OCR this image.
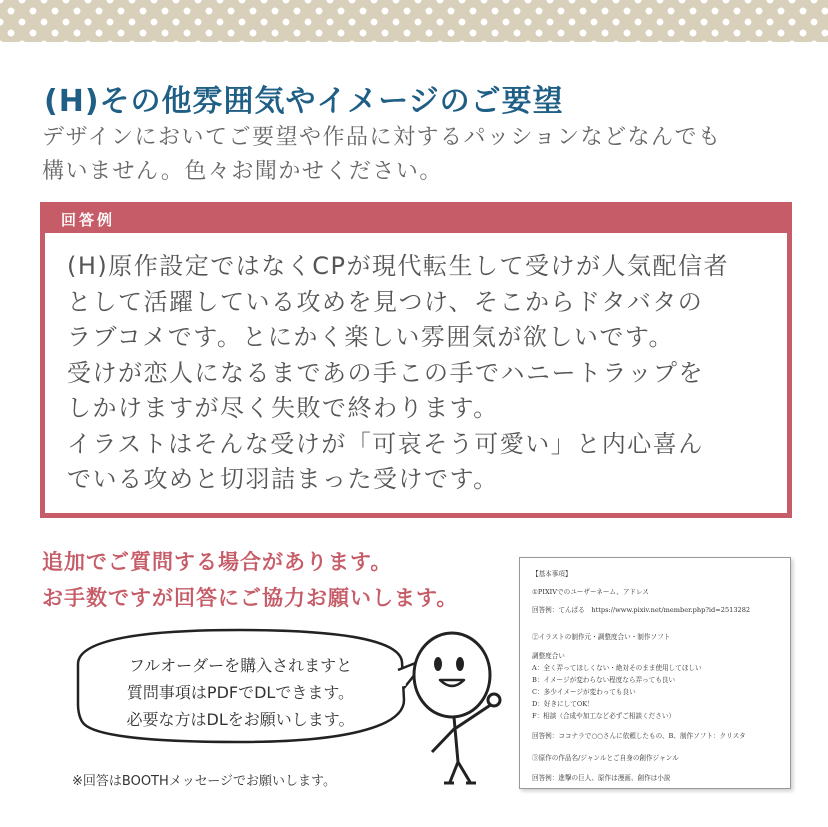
(H)その他雰囲気やイメージのご要望
デザインにおいてご要望や作品に対するパッションなどなんでも
構いません。色々お聞かせください。
回答例
(H)原作設定ではなくCPが現代転生して受けが人気配信者
として活躍している攻めを見つけ、そこからドタバタの
ラブコメです。とにかく楽しい雰囲気が欲しいです。
受けが恋人になるまであの手この手でハニートラップを
しかけますが尽く失敗で終わります。
イラストはそんな受けが「可哀そう可愛い」と内心喜ん
でいる攻めと切羽詰まった受けです。
追加でご質問する場合があります。
お手数ですが回答にご協力お願いします。
【基本事項】
①PIXIVでのユーザーネーム、アドレス
回答例：てんぱる　https://www.pixiv.net/member.php?id=2513282
②イラストの制作元・調整度合い・制作ソフト
調整度合い
A：全く弄ってほしくない・絶対そのまま使用してほしい
B：イメージが変わらない程度なら弄っても良い
C：多少イメージが変わっても良い
D：好きにしてOK！
F：相談（合成や加工など必ずご相談ください）
回答例：ココナラで○○さんに依頼したもの、B、制作ソフト：クリスタ
③原作の作品名/ジャンルとご自身の創作ジャンル
回答例：進撃の巨人、原作は漫画、創作は小説
フルオーダーを購入されますと
質問事項はPDFでDLできます。
必要な方はDLをお願いします。
※回答はBOOTHメッセージでお願いします。
